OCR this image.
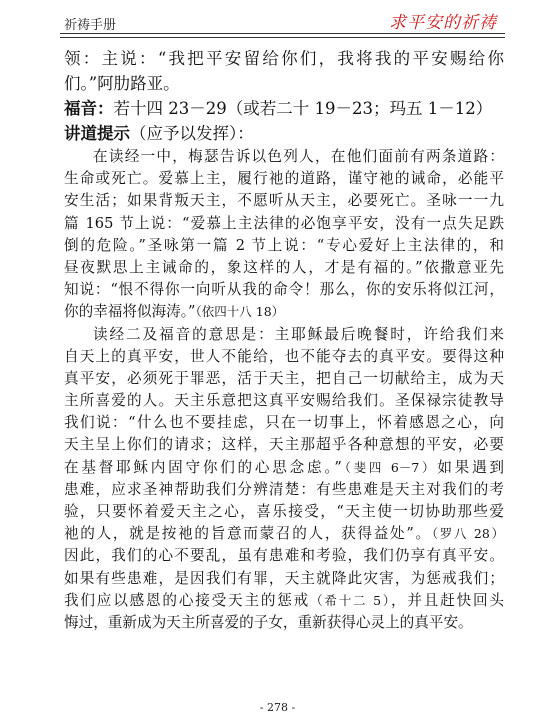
祈祷手册	求平安的祈祷
领：主说：“我把平安留给你们，我将我的平安赐给你
们。”阿肋路亚。
福音：若十四 23－29（或若二十 19－23；玛五 1－12）
讲道提示（应予以发挥）：
在读经一中，梅瑟告诉以色列人，在他们面前有两条道路：
生命或死亡。爱慕上主，履行祂的道路，谨守祂的诫命，必能平
安生活；如果背叛天主，不愿听从天主，必要死亡。圣咏一一九
篇 165 节上说：“爱慕上主法律的必饱享平安，没有一点失足跌
倒的危险。”圣咏第一篇 2 节上说：“专心爱好上主法律的，和
昼夜默思上主诫命的，象这样的人，才是有福的。”依撒意亚先
知说：“恨不得你一向听从我的命令！那么，你的安乐将似江河，
你的幸福将似海涛。”（依四十八 18）
读经二及福音的意思是：主耶稣最后晚餐时，许给我们来
自天上的真平安，世人不能给，也不能夺去的真平安。要得这种
真平安，必须死于罪恶，活于天主，把自己一切献给主，成为天
主所喜爱的人。天主乐意把这真平安赐给我们。圣保禄宗徒教导
我们说：“什么也不要挂虑，只在一切事上，怀着感恩之心，向
天主呈上你们的请求；这样，天主那超乎各种意想的平安，必要
在基督耶稣内固守你们的心思念虑。”（斐四 6－7）如果遇到
患难，应求圣神帮助我们分辨清楚：有些患难是天主对我们的考
验，只要怀着爱天主之心，喜乐接受，“天主使一切协助那些爱
祂的人，就是按祂的旨意而蒙召的人，获得益处”。（罗八 28）
因此，我们的心不要乱，虽有患难和考验，我们仍享有真平安。
如果有些患难，是因我们有罪，天主就降此灾害，为惩戒我们；
我们应以感恩的心接受天主的惩戒（希十二 5），并且赶快回头
悔过，重新成为天主所喜爱的子女，重新获得心灵上的真平安。
- 278 -
